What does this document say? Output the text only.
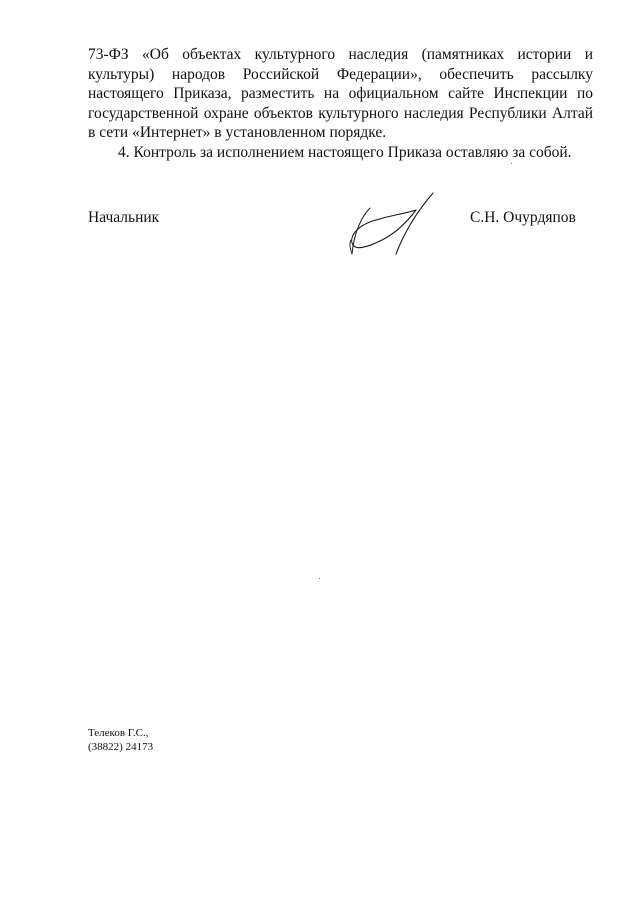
73-ФЗ «Об объектах культурного наследия (памятниках истории и культуры) народов Российской Федерации», обеспечить рассылку настоящего Приказа, разместить на официальном сайте Инспекции по государственной охране объектов культурного наследия Республики Алтай в сети «Интернет» в установленном порядке.

4. Контроль за исполнением настоящего Приказа оставляю за собой.

Начальник	С.Н. Очурдяпов
Телеков Г.С.,
(38822) 24173
